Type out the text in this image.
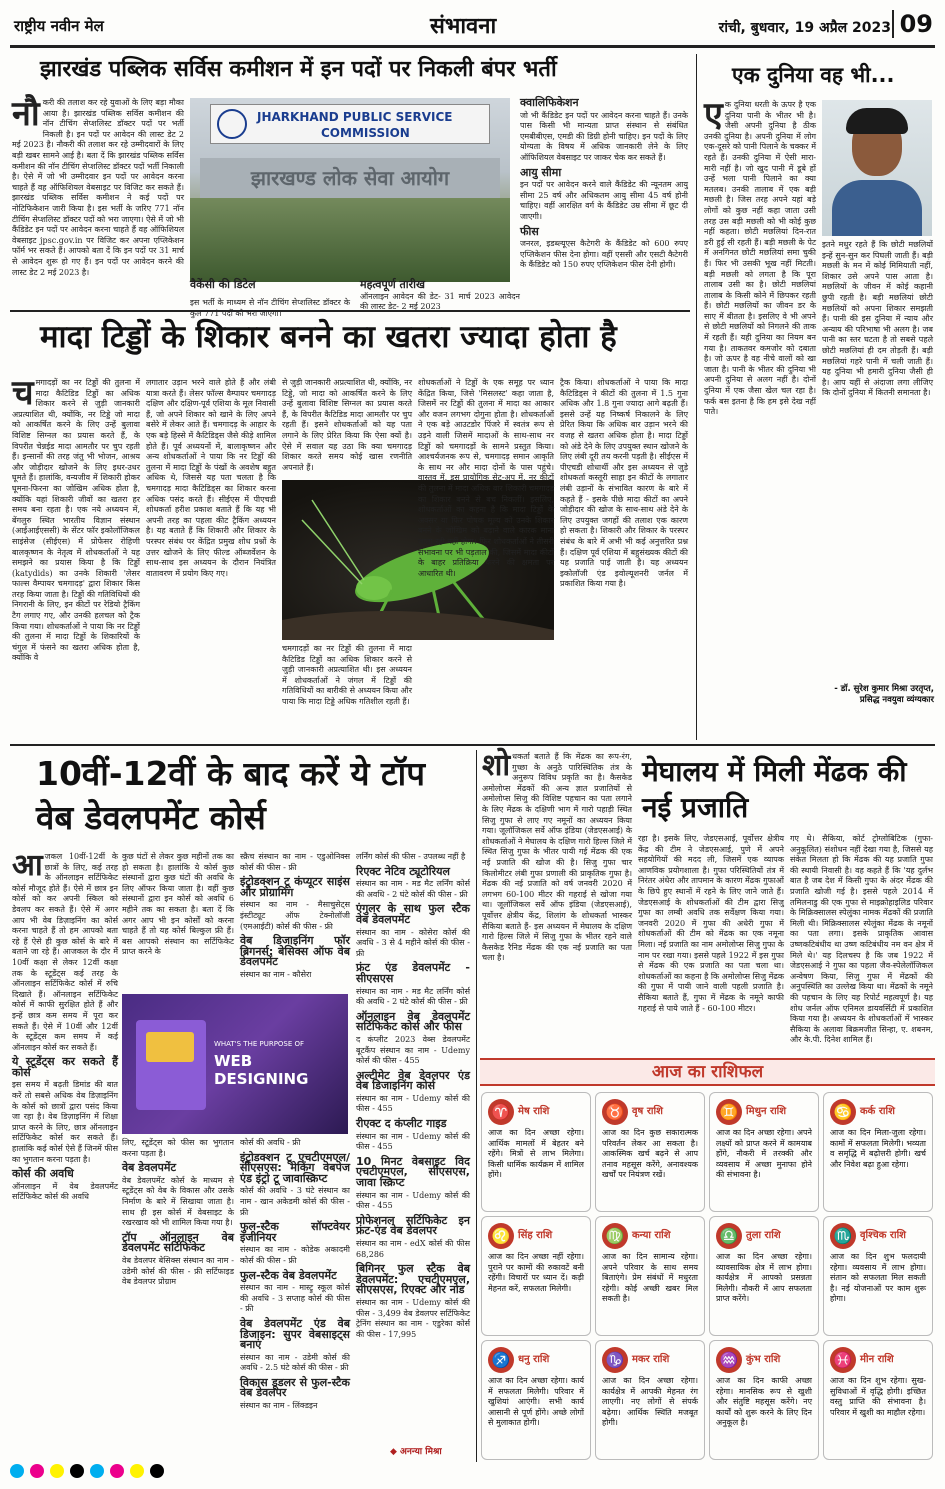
राष्ट्रीय नवीन मेल	संभावना	रांची, बुधवार, 19 अप्रैल 2023 09
झारखंड पब्लिक सर्विस कमीशन में इन पदों पर निकली बंपर भर्ती
नौ करी की तलाश कर रहे युवाओं के लिए बड़ा मौका आया है। झारखंड पब्लिक सर्विस कमीशन की नॉन टीचिंग सेप्शलिस्ट डॉक्टर पदों पर भर्ती निकली है। इन पदों पर आवेदन की लास्ट डेट 2 मई 2023 है। नौकरी की तलाश कर रहे उम्मीदवारों के लिए बड़ी खबर सामने आई है। बता दें कि झारखंड पब्लिक सर्विस कमीशन की नॉन टीचिंग सेप्शलिस्ट डॉक्टर पदों भर्ती निकाली है। ऐसे में जो भी उम्मीदवार इन पदों पर आवेदन करना चाहते हैं वह ऑफिशियल वेबसाइट पर विजिट कर सकते हैं। झारखंड पब्लिक सर्विस कमीशन ने कई पदों पर नोटिफिकेशन जारी किया है। इस भर्ती के जरिए 771 नॉन टीचिंग सेप्शलिस्ट डॉक्टर पदों को भरा जाएगा। ऐसे में जो भी कैंडिडेट इन पदों पर आवेदन करना चाहते हैं वह ऑफिशियल वेबसाइट jpsc.gov.in पर विजिट कर अपना एप्लिकेशन फॉर्म भर सकते हैं। आपको बता दें कि इन पदों पर 31 मार्च से आवेदन शुरू हो गए हैं। इन पदों पर आवेदन करने की लास्ट डेट 2 मई 2023 है।
JHARKHAND PUBLIC SERVICE
COMMISSION
झारखण्ड लोक सेवा आयोग
वैकेंसी की डिटेल
इस भर्ती के माध्यम से नॉन टीचिंग सेप्शलिस्ट डॉक्टर के कुल 771 पदों को भरा जाएगा।
महत्वपूर्ण तारीख
ऑनलाइन आवेदन की डेट- 31 मार्च 2023 आवेदन की लास्ट डेट- 2 मई 2023
क्वालिफिकेशन
जो भी कैंडिडेट इन पदों पर आवेदन करना चाहते हैं। उनके पास किसी भी मान्यता प्राप्त संस्थान से संबंधित एमबीबीएस, एमडी की डिग्री होनी चाहिए। इन पदों के लिए योग्यता के विषय में अधिक जानकारी लेने के लिए ऑफिशियल वेबसाइट पर जाकर चेक कर सकते हैं।
आयु सीमा
इन पदों पर आवेदन करने वाले कैंडिडेट की न्यूनतम आयु सीमा 25 वर्ष और अधिकतम आयु सीमा 45 वर्ष होनी चाहिए। वहीं आरक्षित वर्ग के कैंडिडेट उम्र सीमा में छूट दी जाएगी।
फीस
जनरल, इडब्ल्यूएस कैटेगरी के कैंडिडेट को 600 रुपए एप्लिकेशन फीस देना होगा। वहीं एससी और एसटी कैटेगरी के कैंडिडेट को 150 रुपए एप्लिकेशन फीस देनी होगी।
एक दुनिया वह भी...
ए क दुनिया धरती के ऊपर है एक दुनिया पानी के भीतर भी है। जैसी अपनी दुनिया है ठीक उनकी दुनिया है। अपनी दुनिया में लोग एक-दूसरे को पानी पिलाने के चक्कर में रहते हैं। उनकी दुनिया में ऐसी मारा-मारी नहीं है। जो खुद पानी में डूबे हों उन्हें भला पानी पिलाने का क्या मतलब। उनकी तालाब में एक बड़ी मछली है। जिस तरह अपने यहां बड़े लोगों को कुछ नहीं कहा जाता उसी तरह उस बड़ी मछली को भी कोई कुछ नहीं कहता। छोटी मछलियां दिन-रात डरी हुई सी रहती हैं। बड़ी मछली के पेट में अनगिनत छोटी मछलियां समा चुकी हैं। फिर भी उसकी भूख नहीं मिटती। बड़ी मछली को लगता है कि पूरा तालाब उसी का है। छोटी मछलियां तालाब के किसी कोने में छिपकर रहती हैं। छोटी मछलियों का जीवन डर के साए में बीतता है। इसलिए वे भी अपने से छोटी मछलियों को निगलने की ताक में रहती हैं। यही दुनिया का नियम बन गया है। ताकतवर कमजोर को दबाता है। जो ऊपर है वह नीचे वालों को खा जाता है। पानी के भीतर की दुनिया भी अपनी दुनिया से अलग नहीं है। दोनों दुनिया में एक जैसा खेल चल रहा है। फर्क बस इतना है कि हम इसे देख नहीं पाते।
इतने मधुर रहते हैं कि छोटी मछलियों इन्हें सुन-सुन कर पिघली जाती हैं। बड़ी मछली के मन में कोई मिमियाती नहीं, शिकार उसे अपने पास आता है। मछलियों के जीवन में कोई कहानी छुपी रहती है। बड़ी मछलियां छोटी मछलियों को अपना शिकार समझती हैं। पानी की इस दुनिया में न्याय और अन्याय की परिभाषा भी अलग है। जब पानी का स्तर घटता है तो सबसे पहले छोटी मछलियां ही दम तोड़ती हैं। बड़ी मछलियां गहरे पानी में चली जाती हैं। यह दुनिया भी हमारी दुनिया जैसी ही है। आप यहीं से अंदाजा लगा लीजिए कि दोनों दुनिया में कितनी समानता है।
- डॉ. सुरेश कुमार मिश्रा उरतृप्त, प्रसिद्ध नवयुवा व्यंग्यकार
मादा टिड्डों के शिकार बनने का खतरा ज्यादा होता है
च मगादड़ों का नर टिड्डों की तुलना में मादा कैटिडिड टिड्डों का अधिक शिकार करने से जुड़ी जानकारी अप्रत्याशित थी, क्योंकि, नर टिड्डे जो मादा को आकर्षित करने के लिए उन्हें बुलावा विशिष्ट सिग्नल का प्रयास करते हैं, के विपरीत चेन्नईड मादा आमतौर पर चुप रहती हैं। इन्सानों की तरह जंतु भी भोजन, आश्रय और जोड़ीदार खोजने के लिए इधर-उधर घूमते हैं। हालांकि, वन्यजीव में शिकारी होकर घूमना-फिरना का जोखिम अधिक होता है, क्योंकि यहां शिकारी जीवों का खतरा हर समय बना रहता है। एक नये अध्ययन में, बेंगलुरु स्थित भारतीय विज्ञान संस्थान (आईआईएससी) के सेंटर फॉर इकोलॉजिकल साइंसेज (सीईएस) में प्रोफेसर रोहिणी बालकृष्णन के नेतृत्व में शोधकर्ताओं ने यह समझने का प्रयास किया है कि टिड्डों (katydids) का उनके शिकारी 'लेसर फाल्स वैम्पायर चमगादड़' द्वारा शिकार किस तरह किया जाता है। टिड्डों की गतिविधियों की निगरानी के लिए, इन कीटों पर रेडियो ट्रैकिंग टैग लगाए गए, और उनकी हलचल को ट्रैक किया गया। शोधकर्ताओं ने पाया कि नर टिड्डों की तुलना में मादा टिड्डों के शिकारियों के चंगुल में फंसने का खतरा अधिक होता है, क्योंकि वे
लगातार उड़ान भरने वाले होते हैं और लंबी यात्रा करते हैं। लेसर फॉल्स वैम्पायर चमगादड़ दक्षिण और दक्षिण-पूर्व एशिया के मूल निवासी हैं, जो अपने शिकार को खाने के लिए अपने बसेरे में लेकर आते हैं। चमगादड़ के आहार के एक बड़े हिस्से में कैटिडिड्स जैसे कीड़े शामिल होते हैं। पूर्व अध्ययनों में, बालाकृष्णन और अन्य शोधकर्ताओं ने पाया कि नर टिड्डों की तुलना में मादा टिड्डों के पंखों के अवशेष बहुत अधिक थे, जिससे यह पता चलता है कि चमगादड़ मादा कैटिडिड्स का शिकार करना अधिक पसंद करते हैं। सीईएस में पीएचडी शोधकर्ता हरीश प्रकाश बताते हैं कि यह भी अपनी तरह का पहला कीट ट्रैकिंग अध्ययन है। यह बताते हैं कि शिकारी और शिकार के परस्पर संबंध पर केंद्रित प्रमुख शोध प्रश्नों के उत्तर खोजने के लिए फील्ड ऑब्जर्वेशन के साथ-साथ इस अध्ययन के दौरान नियंत्रित वातावरण में प्रयोग किए गए।
से जुड़ी जानकारी अप्रत्याशित थी, क्योंकि, नर टिड्डे, जो मादा को आकर्षित करने के लिए उन्हें बुलावा विशिष्ट सिग्नल का प्रयास करते हैं, के विपरीत कैटिडिड मादा आमतौर पर चुप रहती हैं। इसने शोधकर्ताओं को यह पता लगाने के लिए प्रेरित किया कि ऐसा क्यों है। ऐसे में सवाल यह उठा कि क्या चमगादड़ शिकार करते समय कोई खास रणनीति अपनाते हैं।
चमगादड़ों का नर टिड्डों की तुलना में मादा कैटिडिड टिड्डों का अधिक शिकार करने से जुड़ी जानकारी अप्रत्याशित थी। इस अध्ययन में शोधकर्ताओं ने जंगल में टिड्डों की गतिविधियों का बारीकी से अध्ययन किया और पाया कि मादा टिड्डे अधिक गतिशील रहती हैं।
शोधकर्ताओं ने टिड्डों के एक समूह पर ध्यान केंद्रित किया, जिसे 'मिसलस्ट' कहा जाता है, जिसमें नर टिड्डों की तुलना में मादा का आकार और वजन लगभग दोगुना होता है। शोधकर्ताओं ने एक बड़े आउटडोर पिंजरे में स्वतंत्र रूप से उड़ने वाली जिसमें मादाओं के साथ-साथ नर टिड्डों को चमगादड़ों के सामने प्रस्तुत किया। आश्चर्यजनक रूप से, चमगादड़ समान आकृति के साथ नर और मादा दोनों के पास पहुंचे। वास्तव में, इस प्रायोगिक सेट-अप में, नर कीटों की तुलना में मादा अधिक बार शिकारी चमगादड़ का शिकार बनने से बच निकलीं। इसलिए, शोधकर्ताओं का कहना है कि मादा टिड्डों के अक्सर या फिर पोषक मूल्य को उनके शिकार बनने के जोखिम को बढ़ाने वाले कारक माना जाता रही नहीं होगा। फिर शोधकर्ताओं ने तीसरी संभावना पर भी पड़ताल की, जिसमें मादा कीटों के बाहर प्रतिक्रिया करने की क्षमता पर आधारित थी।
ट्रैक किया। शोधकर्ताओं ने पाया कि मादा कैटिडिड्स ने कीटों की तुलना में 1.5 गुना अधिक और 1.8 गुना ज्यादा आगे बढ़ती हैं। इससे उन्हें यह निष्कर्ष निकालने के लिए प्रेरित किया कि अधिक बार उड़ान भरने की वजह से खतरा अधिक होता है। मादा टिड्डों को अंडे देने के लिए उपयुक्त स्थान खोजने के लिए लंबी दूरी तय करनी पड़ती है। सीईएस में पीएचडी शोधार्थी और इस अध्ययन से जुड़े शोधकर्ता कस्तूरी साहा इन कीटों के लगातार लंबी उड़ानों के संभावित कारण के बारे में कहते हैं - इसके पीछे मादा कीटों का अपने जोड़ीदार की खोज के साथ-साथ अंडे देने के लिए उपयुक्त जगहों की तलाश एक कारण हो सकता है। शिकारी और शिकार के परस्पर संबंध के बारे में अभी भी कई अनुत्तरित प्रश्न हैं। दक्षिण पूर्व एशिया में बहुसंख्यक कीटों की यह प्रजाति पाई जाती है। यह अध्ययन इकोलॉजी एंड इवोल्यूशनरी जर्नल में प्रकाशित किया गया है।
10वीं-12वीं के बाद करें ये टॉप वेब डेवलपमेंट कोर्स
आ जकल 10वीं-12वीं के छात्रों के लिए, कई तरह के ऑनलाइन सर्टिफिकेट कोर्स मौजूद होते हैं। ऐसे में छात्र इन कोर्स को कर अपनी स्किल को डेवलप कर सकते हैं। ऐसे में अगर आप भी वेब डिज़ाइनिंग का कोर्स करना चाहते हैं तो हम आपको बता रहे हैं ऐसे ही कुछ कोर्स के बारे में बताने जा रहे हैं। आजकल के दौर में 10वीं कक्षा से लेकर 12वीं कक्षा तक के स्टूडेंट्स कई तरह के ऑनलाइन सर्टिफिकेट कोर्स में रुचि दिखाते हैं। ऑनलाइन सर्टिफिकेट कोर्स में काफी सुरक्षित होते हैं और इन्हें छात्र कम समय में पूरा कर सकते हैं। ऐसे में 10वीं और 12वीं के स्टूडेंट्स कम समय में कई ऑनलाइन कोर्स कर सकते हैं।
ये स्टूडेंट्स कर सकते हैं कोर्स
इस समय में बढ़ती डिमांड की बात करें तो सबसे अधिक वेब डिज़ाइनिंग के कोर्स को छात्रों द्वारा पसंद किया जा रहा है। वेब डिज़ाइनिंग में शिक्षा प्राप्त करने के लिए, छात्र ऑनलाइन सर्टिफिकेट कोर्स कर सकते हैं। हालांकि कई कोर्स ऐसे हैं जिनमें फीस का भुगतान करना पड़ता है।
कोर्स की अवधि
ऑनलाइन में वेब डेवलपमेंट सर्टिफिकेट कोर्स की अवधि
कुछ घंटों से लेकर कुछ महीनों तक का हो सकता है। हालांकि ये कोर्स कुछ संस्थानों द्वारा कुछ घंटों की अवधि के लिए ऑफर किया जाता है। वहीं कुछ संस्थानों द्वारा इन कोर्स को अवधि 6 महीने तक का सकता है। बता दें कि अगर आप भी इन कोर्सों को करना चाहते हैं तो यह कोर्स बिल्कुल फ्री हैं। बस आपको संस्थान का सर्टिफिकेट प्राप्त करने के
WHAT'S THE PURPOSE OF
WEB DESIGNING
लिए, स्टूडेंट्स को फीस का भुगतान करना पड़ता है।
वेब डेवलपमेंट
वेब डेवलपमेंट कोर्स के माध्यम से स्टूडेंट्स को वेब के विकास और उसके निर्माण के बारे में सिखाया जाता है। साथ ही इस कोर्स में वेबसाइट के रखरखाव को भी शामिल किया गया है।
टॉप ऑनलाइन वेब डेवलपमेंट सर्टिफिकेट
वेब डेवलपर बेसिक्स संस्थान का नाम - उडेमी कोर्स की फीस - फ्री सर्टिफाइड वेब डेवलपर प्रोग्राम
स्क्रैच संस्थान का नाम - एडुओनिक्स कोर्स की फीस - फ्री
इंट्रोडक्शन टू कंप्यूटर साइंस और प्रोग्रामिंग
संस्थान का नाम - मैसाचुसेट्स इंस्टीट्यूट ऑफ टेक्नोलॉजी (एमआईटी) कोर्स की फीस - फ्री
वेब डिजाइनिंग फॉर ब्रिगनर्स: बेसिक्स ऑफ वेब डेवलपमेंट
संस्थान का नाम - कौसेरा
कोर्स की अवधि - फ्री
इंट्रोडक्शन टू एचटीएमएल/सीएसएस: मेकिंग वेबपेज एंड इंट्रो टू जावास्क्रिप्ट
कोर्स की अवधि - 3 घंटे संस्थान का नाम - खान अकेडमी कोर्स की फीस - फ्री
फुल-स्टैक सॉफ्टवेयर इंजीनियर
संस्थान का नाम - कोडेक अकादमी कोर्स की फीस - फ्री
फुल-स्टैक वेब डेवलपमेंट
संस्थान का नाम - मास्ट्रु स्कूल कोर्स की अवधि - 3 सप्ताह कोर्स की फीस - फ्री
वेब डेवलपमेंट एंड वेब डिजाइन: सुपर वेबसाइट्स बनाएं
संस्थान का नाम - उडेमी कोर्स की अवधि - 2.5 घंटे कोर्स की फीस - फ्री
विकास डूडलर से फुल-स्टैक वेब डेवलपर
संस्थान का नाम - लिंक्डइन
लर्निंग कोर्स की फीस - उपलब्ध नहीं है
रिएक्ट नेटिव ट्यूटोरियल
संस्थान का नाम - मड मैट लर्निंग कोर्स की अवधि - 2 घंटे कोर्स की फीस - फ्री
एंगुलर के साथ फुल स्टैक वेब डेवलपमेंट
संस्थान का नाम - कोसेरा कोर्स की अवधि - 3 से 4 महीने कोर्स की फीस - फ्री
फ्रंट एंड डेवलपमेंट - सीएसएस
संस्थान का नाम - मड मैट लर्निंग कोर्स की अवधि - 2 घंटे कोर्स की फीस - फ्री
ऑनलाइन वेब डेवलपमेंट सर्टिफिकेट कोर्स और फीस
द कंप्लीट 2023 वेब्स डेवलपमेंट बूटकैंप संस्थान का नाम - Udemy कोर्स की फीस - 455
अल्टीमेट वेब डेवलपर एंड वेब डिजाइनिंग कोर्स
संस्थान का नाम - Udemy कोर्स की फीस - 455
रीएक्ट द कंप्लीट गाइड
संस्थान का नाम - Udemy कोर्स की फीस - 455
10 मिनट वेबसाइट विद एचटीएमएल, सीएसएस, जावा स्क्रिप्ट
संस्थान का नाम - Udemy कोर्स की फीस - 455
प्रोफेशनल सर्टिफिकेट इन फ्रंट-एंड वेब डेवलपर
संस्थान का नाम - edX कोर्स की फीस 68,286
बिगिनर फुल स्टैक वेब डेवलपमेंट: एचटीएमएल, सीएसएस, रिएक्ट और नोड
संस्थान का नाम - Udemy कोर्स की फीस - 3,499 वेब डेवलपर सर्टिफिकेट ट्रेनिंग संस्थान का नाम - एडुरेका कोर्स की फीस - 17,995
◆ अनन्या मिश्रा
शो धकर्ता बताते हैं कि मेंढक का रूप-रंग, गुच्छा के अनुठे पारिस्थितिक तंत्र के अनुरूप विविध प्रकृति का है। कैसकेड अमोलोप्स मेंढकों की अन्य ज्ञात प्रजातियों से अमोलोप्स सिजु की विशिष्ट पहचान का पता लगाने के लिए मेंढक के दक्षिणी भाग में गारो पहाड़ी स्थित सिजु गुफा से लाए गए नमूनों का अध्ययन किया गया। जूलॉजिकल सर्वे ऑफ इंडिया (जेडएसआई) के शोधकर्ताओं ने मेघालय के दक्षिण गारो हिल्स जिले में स्थित सिजु गुफा के भीतर पायी गई मेंढक की एक नई प्रजाति की खोज की है। सिजु गुफा चार किलोमीटर लंबी गुफा प्रणाली की प्राकृतिक गुफा है। मेंढक की नई प्रजाति को वर्ष जनवरी 2020 में लगभग 60-100 मीटर की गहराई से खोजा गया था। जूलॉजिकल सर्वे ऑफ इंडिया (जेडएसआई), पूर्वोत्तर क्षेत्रीय केंद्र, शिलांग के शोधकर्ता भास्कर सैकिया बताते हैं- इस अध्ययन में मेघालय के दक्षिण गारो हिल्स जिले में सिजु गुफा के भीतर रहने वाले कैसकेड रैनिड मेंढक की एक नई प्रजाति का पता चला है।
मेघालय में मिली मेंढक की नई प्रजाति
रहा है। इसके लिए, जेडएसआई, पूर्वोत्तर क्षेत्रीय केंद्र की टीम ने जेडएसआई, पुणे में अपने सहयोगियों की मदद ली, जिसमें एक व्यापक आणविक प्रयोगशाला है। गुफा परिस्थितियों तंत्र में निरंतर अंधेरा और तापमान के कारण मेंढक गुफाओं के छिपे हुए स्थानों में रहने के लिए जाने जाते हैं। जेडएसआई के शोधकर्ताओं की टीम द्वारा सिजु गुफा का लम्बी अवधि तक सर्वेक्षण किया गया। जनवरी 2020 में गुफा की अधेरी गुफा में शोधकर्ताओं की टीम को मेंढक का एक नमूना मिला। नई प्रजाति का नाम अमोलोप्स सिजु गुफा के नाम पर रखा गया। इससे पहले 1922 में इस गुफा से मेंढक की एक प्रजाति का पता चला था। शोधकर्ताओं का कहना है कि अमोलोप्स सिजु मेंढक की गुफा में पायी जाने वाली पहली प्रजाति है। सैकिया बताते हैं, गुफा में मेंढक के नमूने काफी गहराई से पाये जाते हैं - 60-100 मीटर।
गए थे। सैकिया, कोर्ट ट्रोग्लोबिटिक (गुफा-अनुकूलित) संशोधन नहीं देखा गया है, जिससे यह संकेत मिलता हो कि मेंढक की यह प्रजाति गुफा की स्थायी निवासी है। वह कहते हैं कि 'यह दुर्लभ बात है जब देश में किसी गुफा के अंदर मेंढक की प्रजाति खोजी गई है। इससे पहले 2014 में तमिलनाडु की एक गुफा से माइक्रोहाइलिड परिवार के मिक्रिक्सालस स्पेलुंका नामक मेंढकों की प्रजाति मिली थी। मिक्रिक्सालस स्पेलुंका मेंढक के नमूनों का पता लगा। इसके प्राकृतिक आवास उष्णकटिबंधीय था उष्ण कटिबंधीय नम वन क्षेत्र में मिले थे।' यह दिलचस्प है कि जब 1922 में जेडएसआई ने गुफा का पहला जैव-स्पेलेलॉजिकल अन्वेषण किया, सिजु गुफा में मेंढकों की अनुपस्थिति का उल्लेख किया था। मेंढकों के नमूने की पहचान के लिए यह रिपोर्ट महत्वपूर्ण है। यह शोध जर्नल ऑफ एनिमल डायवर्सिटी में प्रकाशित किया गया है। अध्ययन के शोधकर्ताओं में भास्कर सैकिया के अलावा बिक्रमजीत सिन्हा, ए. शबनम, और के.पी. दिनेश शामिल हैं।
आज का राशिफल
♈ मेष राशि
आज का दिन अच्छा रहेगा। आर्थिक मामलों में बेहतर बने रहेंगे। मित्रों से लाभ मिलेगा। किसी धार्मिक कार्यक्रम में शामिल होंगे।
♉ वृष राशि
आज का दिन कुछ सकारात्मक परिवर्तन लेकर आ सकता है। आकस्मिक खर्च बढ़ने से आप तनाव महसूस करेंगे, अनावश्यक खर्चों पर नियंत्रण रखें।
♊ मिथुन राशि
आज का दिन अच्छा रहेगा। अपने लक्ष्यों को प्राप्त करने में कामयाब होंगे, नौकरी में तरक्की और व्यवसाय में अच्छा मुनाफा होने की संभावना है।
♋ कर्क राशि
आज का दिन मिला-जुला रहेगा। कामों में सफलता मिलेगी। भव्यता व समृद्धि में बढ़ोत्तरी होगी। खर्च और निवेश बढ़ा हुआ रहेगा।
♌ सिंह राशि
आज का दिन अच्छा नहीं रहेगा। पुराने पर कामों की रुकावटें बनी रहेंगी। विचारों पर ध्यान दें। कड़ी मेहनत करें, सफलता मिलेगी।
♍ कन्या राशि
आज का दिन सामान्य रहेगा। अपने परिवार के साथ समय बिताएंगे। प्रेम संबंधों में मधुरता रहेगी। कोई अच्छी खबर मिल सकती है।
♎ तुला राशि
आज का दिन अच्छा रहेगा। व्यावसायिक क्षेत्र में लाभ होगा। कार्यक्षेत्र में आपको प्रसन्नता मिलेगी। नौकरी में आप सफलता प्राप्त करेंगे।
♏ वृश्चिक राशि
आज का दिन शुभ फलदायी रहेगा। व्यवसाय में लाभ होगा। संतान को सफलता मिल सकती है। नई योजनाओं पर काम शुरू होगा।
♐ धनु राशि
आज का दिन अच्छा रहेगा। कार्य में सफलता मिलेगी। परिवार में खुशियां आएंगी। सभी कार्य आसानी से पूर्ण होंगे। अच्छे लोगों से मुलाकात होगी।
♑ मकर राशि
आज का दिन अच्छा रहेगा। कार्यक्षेत्र में आपकी मेहनत रंग लाएगी। नए लोगों से संपर्क बढ़ेगा। आर्थिक स्थिति मजबूत होगी।
♒ कुंभ राशि
आज का दिन काफी अच्छा रहेगा। मानसिक रूप से खुशी और संतुष्टि महसूस करेंगे। नए कार्यों को शुरू करने के लिए दिन अनुकूल है।
♓ मीन राशि
आज का दिन शुभ रहेगा। सुख-सुविधाओं में वृद्धि होगी। इच्छित वस्तु प्राप्ति की संभावना है। परिवार में खुशी का माहौल रहेगा।
